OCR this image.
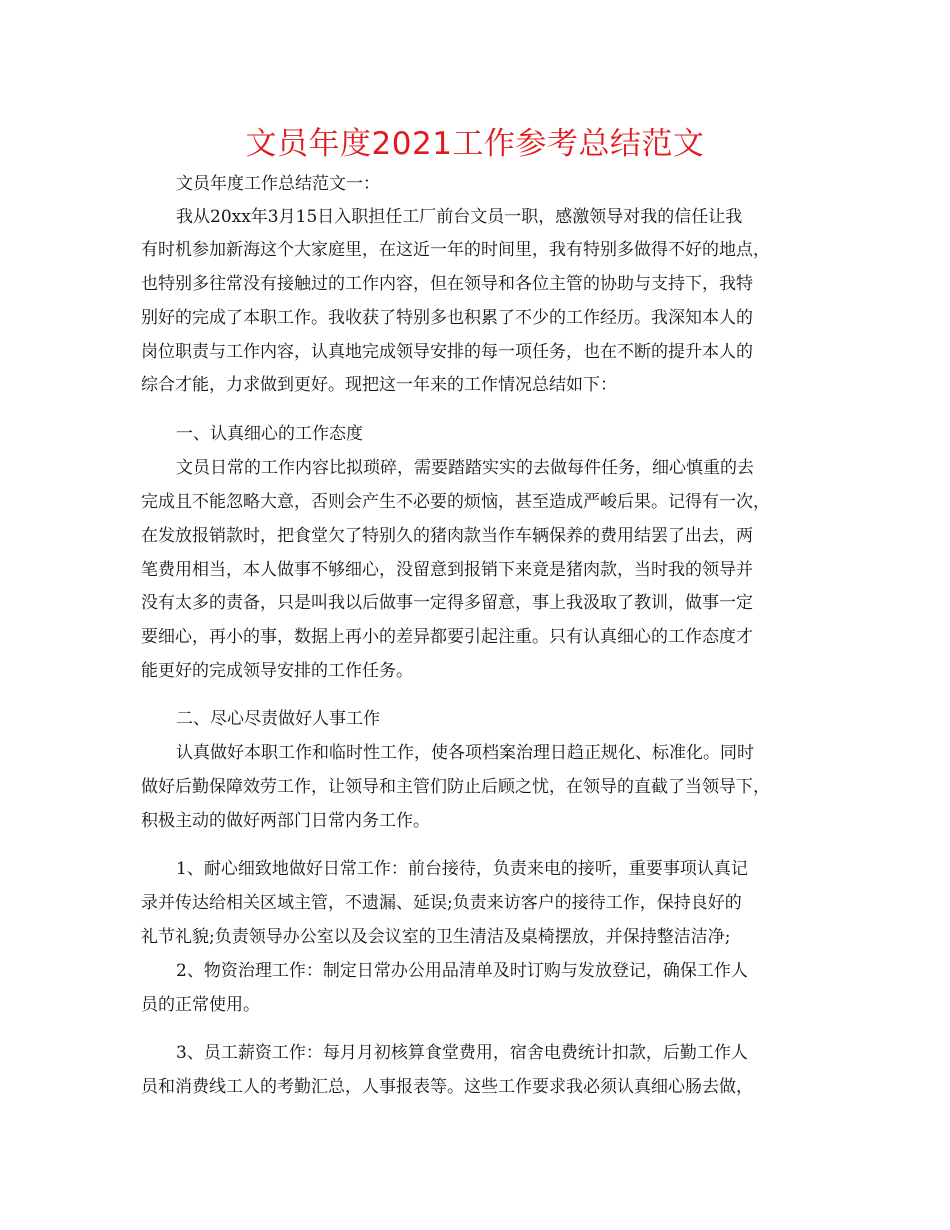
文员年度2021工作参考总结范文
文员年度工作总结范文一：
我从20xx年3月15日入职担任工厂前台文员一职，感激领导对我的信任让我
有时机参加新海这个大家庭里，在这近一年的时间里，我有特别多做得不好的地点，
也特别多往常没有接触过的工作内容，但在领导和各位主管的协助与支持下，我特
别好的完成了本职工作。我收获了特别多也积累了不少的工作经历。我深知本人的
岗位职责与工作内容，认真地完成领导安排的每一项任务，也在不断的提升本人的
综合才能，力求做到更好。现把这一年来的工作情况总结如下：
一、认真细心的工作态度
文员日常的工作内容比拟琐碎，需要踏踏实实的去做每件任务，细心慎重的去
完成且不能忽略大意，否则会产生不必要的烦恼，甚至造成严峻后果。记得有一次，
在发放报销款时，把食堂欠了特别久的猪肉款当作车辆保养的费用结罢了出去，两
笔费用相当，本人做事不够细心，没留意到报销下来竟是猪肉款，当时我的领导并
没有太多的责备，只是叫我以后做事一定得多留意，事上我汲取了教训，做事一定
要细心，再小的事，数据上再小的差异都要引起注重。只有认真细心的工作态度才
能更好的完成领导安排的工作任务。
二、尽心尽责做好人事工作
认真做好本职工作和临时性工作，使各项档案治理日趋正规化、标准化。同时
做好后勤保障效劳工作，让领导和主管们防止后顾之忧，在领导的直截了当领导下，
积极主动的做好两部门日常内务工作。
1、耐心细致地做好日常工作：前台接待，负责来电的接听，重要事项认真记
录并传达给相关区域主管，不遗漏、延误;负责来访客户的接待工作，保持良好的
礼节礼貌;负责领导办公室以及会议室的卫生清洁及桌椅摆放，并保持整洁洁净;
2、物资治理工作：制定日常办公用品清单及时订购与发放登记，确保工作人
员的正常使用。
3、员工薪资工作：每月月初核算食堂费用，宿舍电费统计扣款，后勤工作人
员和消费线工人的考勤汇总，人事报表等。这些工作要求我必须认真细心肠去做，
